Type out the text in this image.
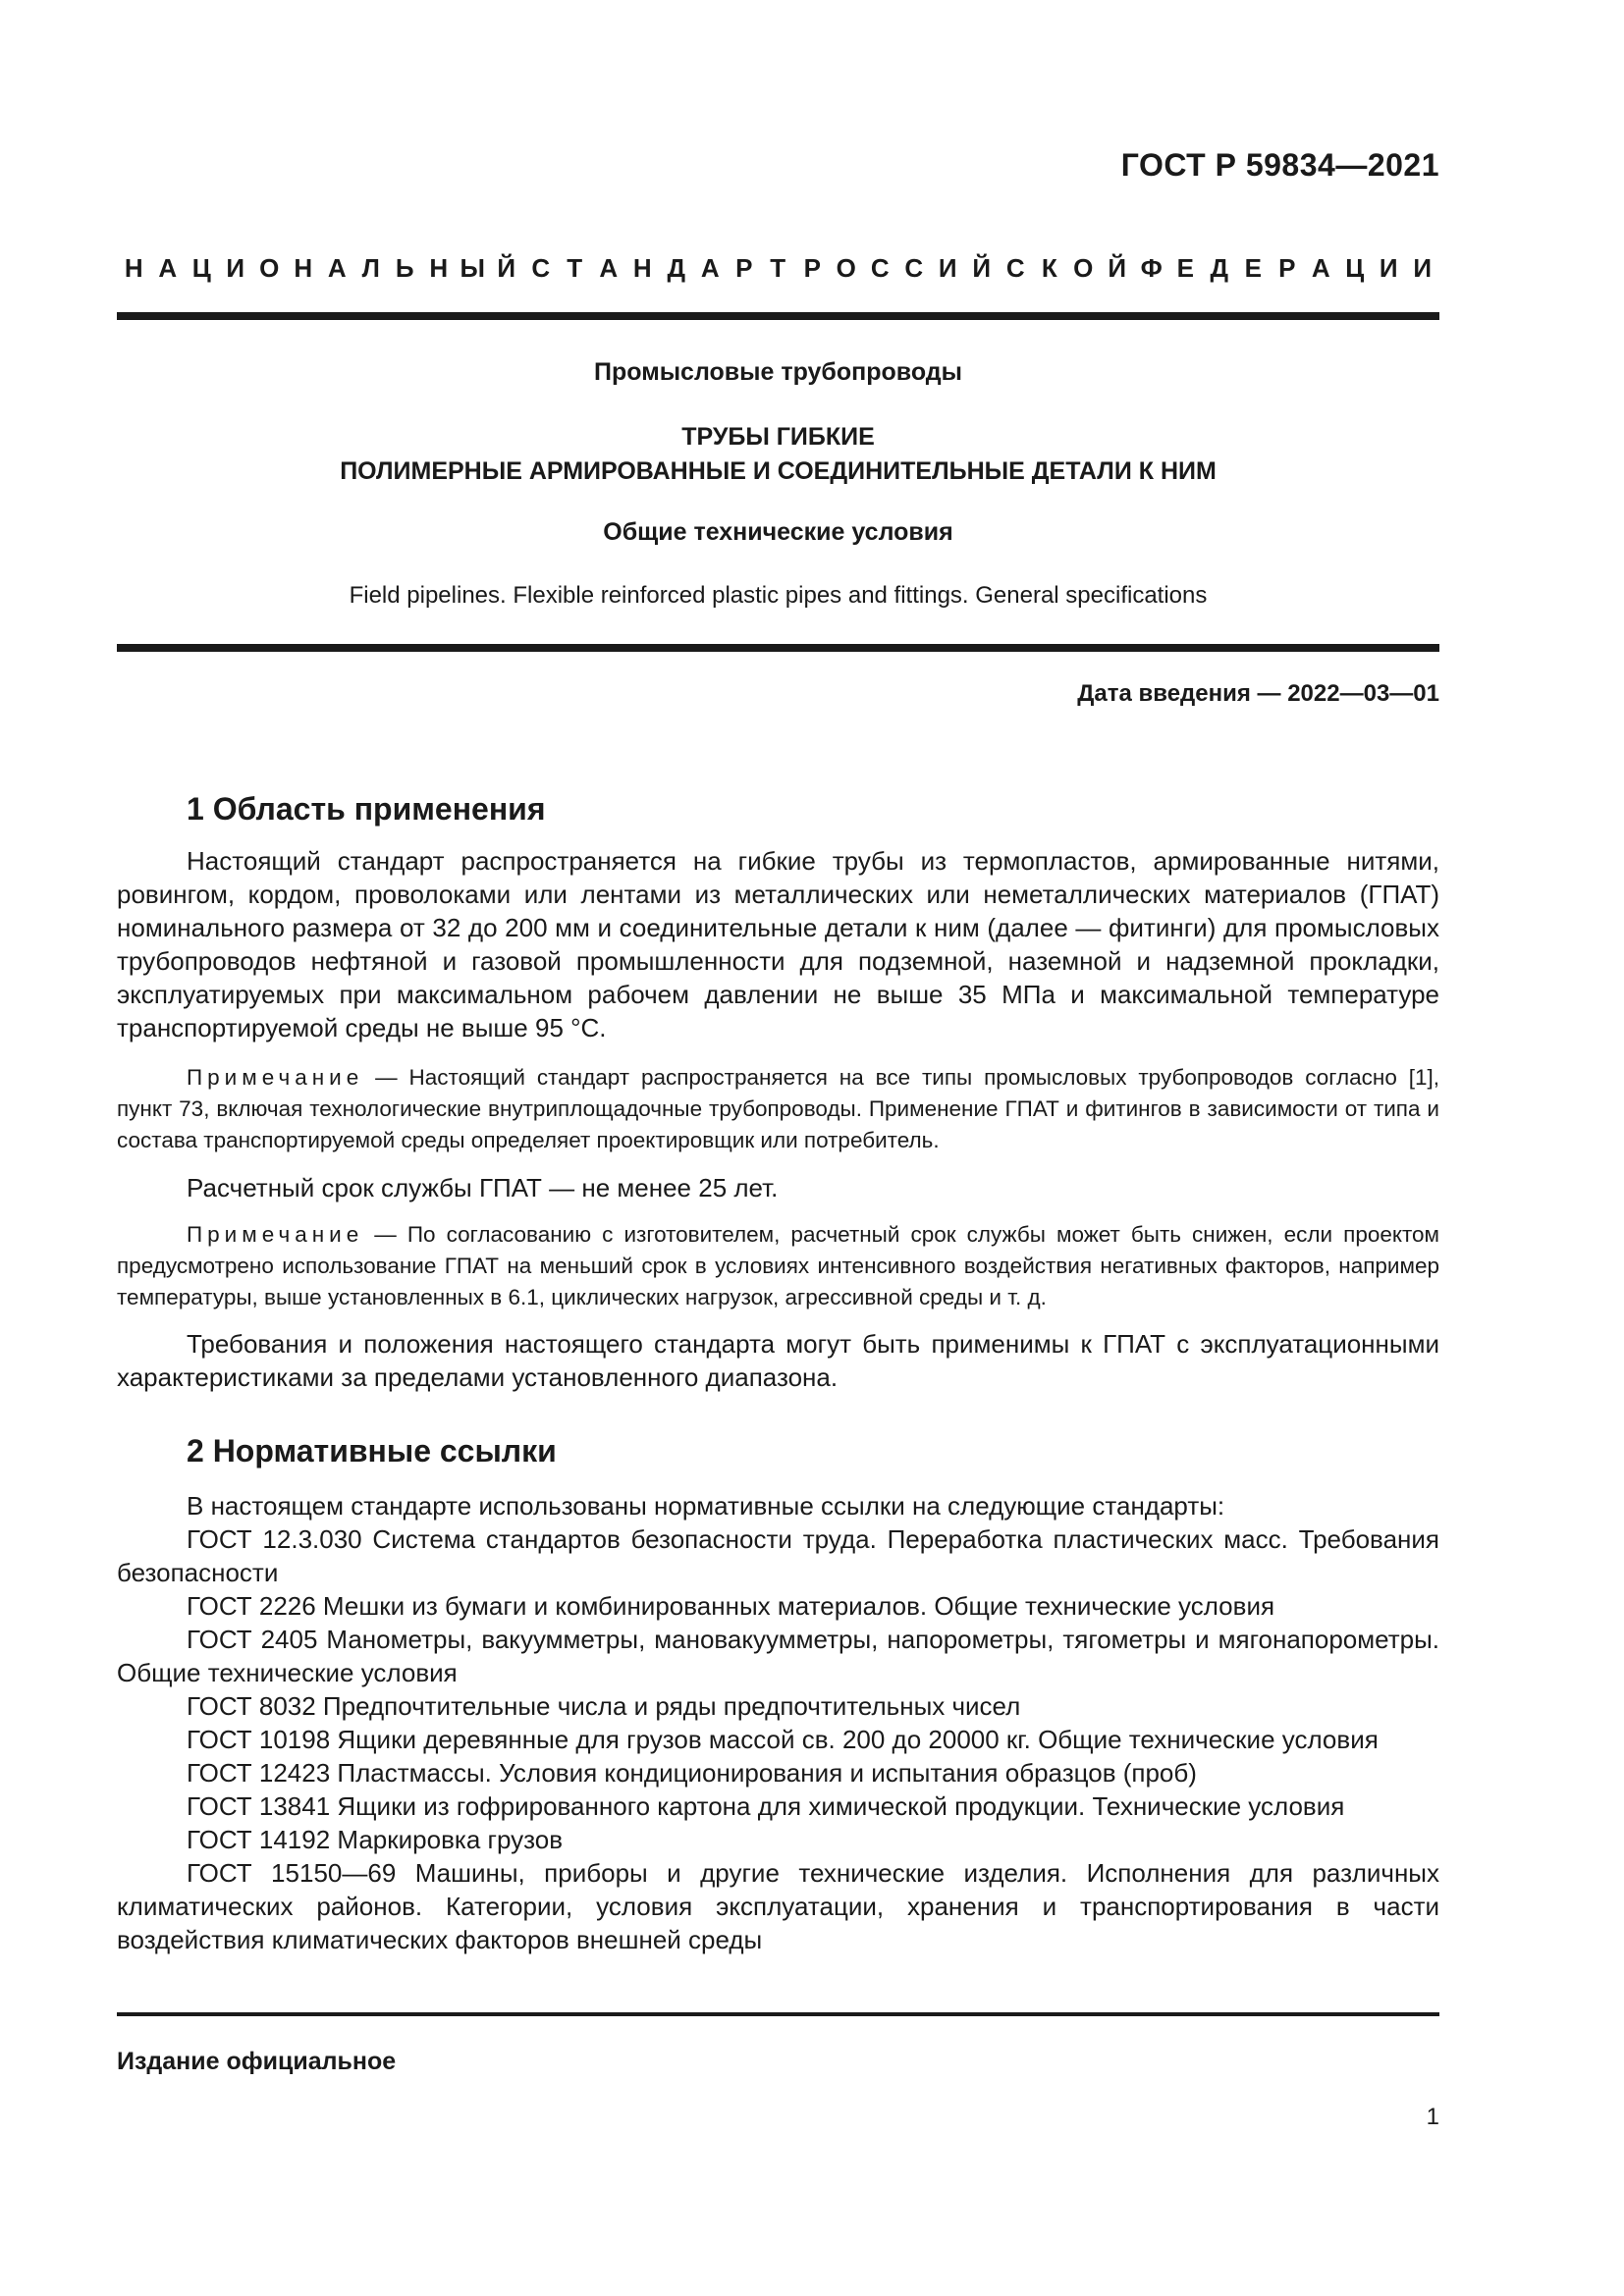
ГОСТ Р 59834—2021
Н А Ц И О Н А Л Ь Н Ы Й С Т А Н Д А Р Т Р О С С И Й С К О Й Ф Е Д Е Р А Ц И И
Промысловые трубопроводы
ТРУБЫ ГИБКИЕ
ПОЛИМЕРНЫЕ АРМИРОВАННЫЕ И СОЕДИНИТЕЛЬНЫЕ ДЕТАЛИ К НИМ
Общие технические условия
Field pipelines. Flexible reinforced plastic pipes and fittings. General specifications
Дата введения — 2022—03—01
1 Область применения

Настоящий стандарт распространяется на гибкие трубы из термопластов, армированные нитями, ровингом, кордом, проволоками или лентами из металлических или неметаллических материалов (ГПАТ) номинального размера от 32 до 200 мм и соединительные детали к ним (далее — фитинги) для промысловых трубопроводов нефтяной и газовой промышленности для подземной, наземной и надземной прокладки, эксплуатируемых при максимальном рабочем давлении не выше 35 МПа и максимальной температуре транспортируемой среды не выше 95 °С.

Примечание — Настоящий стандарт распространяется на все типы промысловых трубопроводов согласно [1], пункт 73, включая технологические внутриплощадочные трубопроводы. Применение ГПАТ и фитингов в зависимости от типа и состава транспортируемой среды определяет проектировщик или потребитель.

Расчетный срок службы ГПАТ — не менее 25 лет.

Примечание — По согласованию с изготовителем, расчетный срок службы может быть снижен, если проектом предусмотрено использование ГПАТ на меньший срок в условиях интенсивного воздействия негативных факторов, например температуры, выше установленных в 6.1, циклических нагрузок, агрессивной среды и т. д.

Требования и положения настоящего стандарта могут быть применимы к ГПАТ с эксплуатационными характеристиками за пределами установленного диапазона.

2 Нормативные ссылки

В настоящем стандарте использованы нормативные ссылки на следующие стандарты:

ГОСТ 12.3.030 Система стандартов безопасности труда. Переработка пластических масс. Требования безопасности

ГОСТ 2226 Мешки из бумаги и комбинированных материалов. Общие технические условия

ГОСТ 2405 Манометры, вакуумметры, мановакуумметры, напорометры, тягометры и мягонапорометры. Общие технические условия

ГОСТ 8032 Предпочтительные числа и ряды предпочтительных чисел

ГОСТ 10198 Ящики деревянные для грузов массой св. 200 до 20000 кг. Общие технические условия

ГОСТ 12423 Пластмассы. Условия кондиционирования и испытания образцов (проб)

ГОСТ 13841 Ящики из гофрированного картона для химической продукции. Технические условия

ГОСТ 14192 Маркировка грузов

ГОСТ 15150—69 Машины, приборы и другие технические изделия. Исполнения для различных климатических районов. Категории, условия эксплуатации, хранения и транспортирования в части воздействия климатических факторов внешней среды

Издание официальное
1
